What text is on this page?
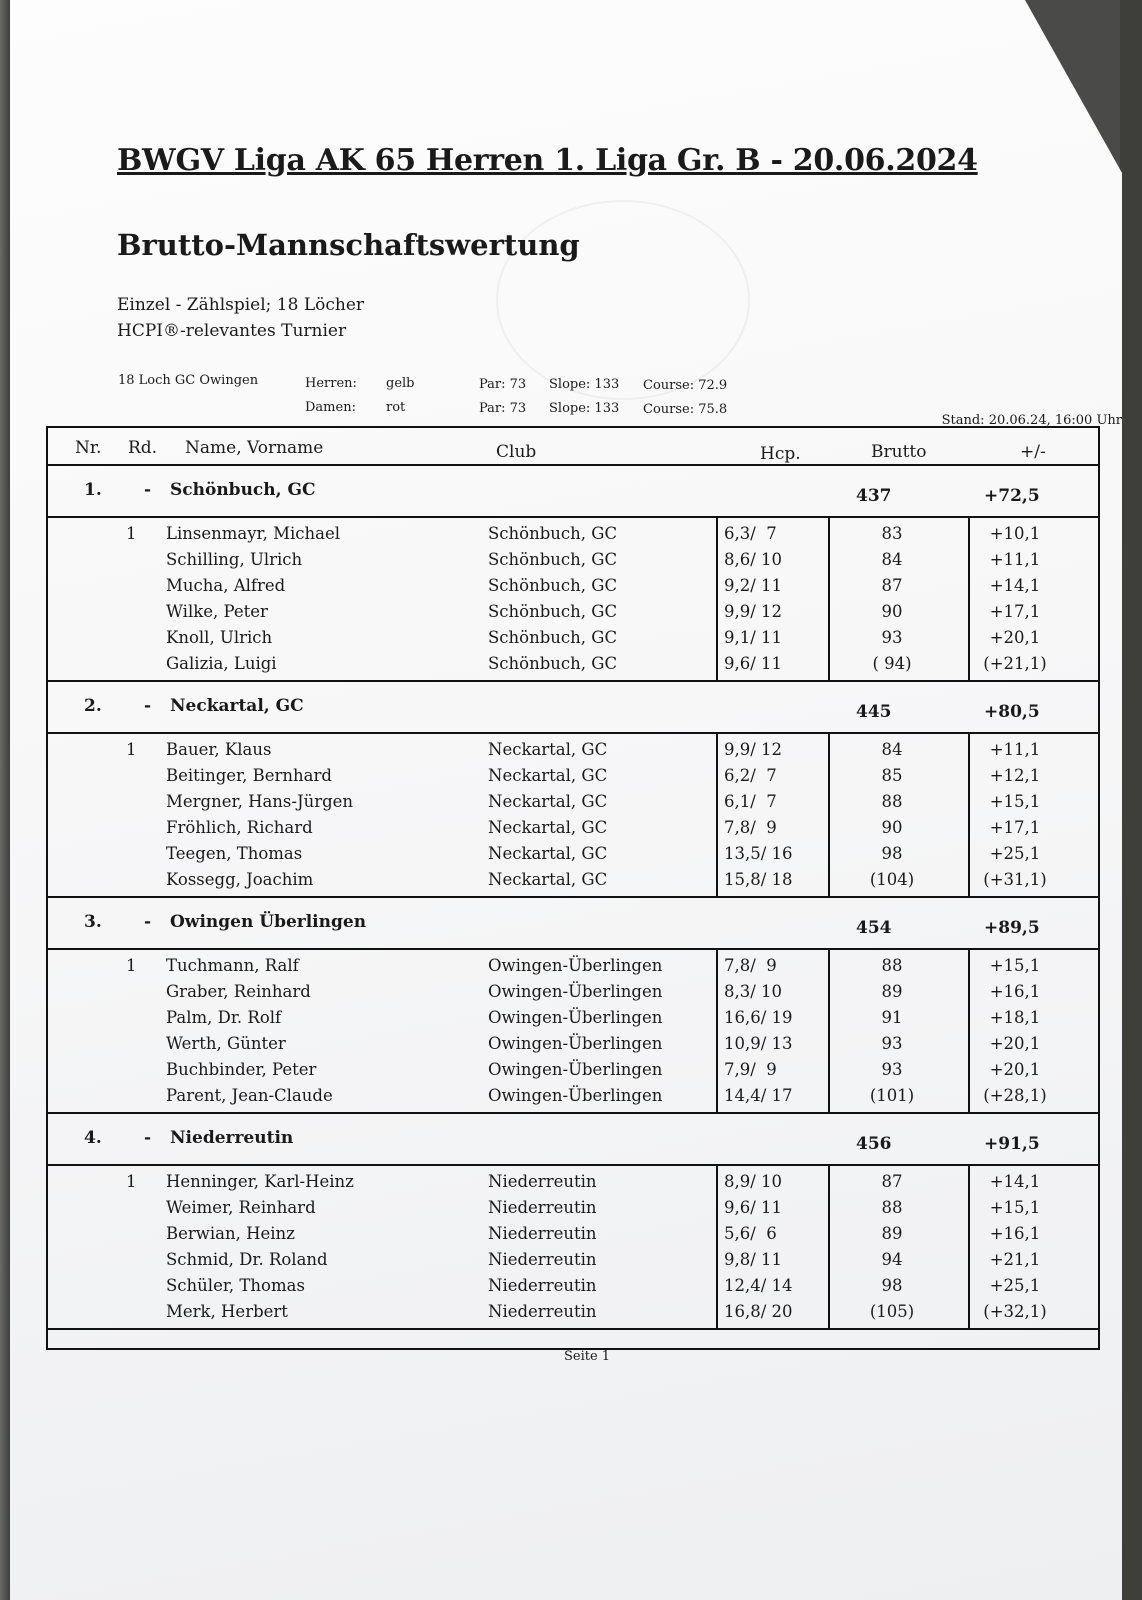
BWGV Liga AK 65 Herren 1. Liga Gr. B - 20.06.2024
Brutto-Mannschaftswertung
Einzel - Zählspiel; 18 Löcher
HCPI®-relevantes Turnier
18 Loch GC Owingen	Herren: gelb	Par: 73 Slope: 133 Course: 72.9
Damen: rot	Par: 73 Slope: 133 Course: 75.8
Stand: 20.06.24, 16:00 Uhr
Nr. Rd. Name, Vorname	Club	Hcp.	Brutto	+/-
1. - Schönbuch, GC	437	+72,5
1 Linsenmayr, Michael	Schönbuch, GC	6,3/  7	83	+10,1
Schilling, Ulrich	Schönbuch, GC	8,6/ 10	84	+11,1
Mucha, Alfred	Schönbuch, GC	9,2/ 11	87	+14,1
Wilke, Peter	Schönbuch, GC	9,9/ 12	90	+17,1
Knoll, Ulrich	Schönbuch, GC	9,1/ 11	93	+20,1
Galizia, Luigi	Schönbuch, GC	9,6/ 11	( 94)	(+21,1)
2. - Neckartal, GC	445	+80,5
1 Bauer, Klaus	Neckartal, GC	9,9/ 12	84	+11,1
Beitinger, Bernhard	Neckartal, GC	6,2/  7	85	+12,1
Mergner, Hans-Jürgen	Neckartal, GC	6,1/  7	88	+15,1
Fröhlich, Richard	Neckartal, GC	7,8/  9	90	+17,1
Teegen, Thomas	Neckartal, GC	13,5/ 16	98	+25,1
Kossegg, Joachim	Neckartal, GC	15,8/ 18	(104)	(+31,1)
3. - Owingen Überlingen	454	+89,5
1 Tuchmann, Ralf	Owingen-Überlingen	7,8/  9	88	+15,1
Graber, Reinhard	Owingen-Überlingen	8,3/ 10	89	+16,1
Palm, Dr. Rolf	Owingen-Überlingen	16,6/ 19	91	+18,1
Werth, Günter	Owingen-Überlingen	10,9/ 13	93	+20,1
Buchbinder, Peter	Owingen-Überlingen	7,9/  9	93	+20,1
Parent, Jean-Claude	Owingen-Überlingen	14,4/ 17	(101)	(+28,1)
4. - Niederreutin	456	+91,5
1 Henninger, Karl-Heinz	Niederreutin	8,9/ 10	87	+14,1
Weimer, Reinhard	Niederreutin	9,6/ 11	88	+15,1
Berwian, Heinz	Niederreutin	5,6/  6	89	+16,1
Schmid, Dr. Roland	Niederreutin	9,8/ 11	94	+21,1
Schüler, Thomas	Niederreutin	12,4/ 14	98	+25,1
Merk, Herbert	Niederreutin	16,8/ 20	(105)	(+32,1)
Seite 1
